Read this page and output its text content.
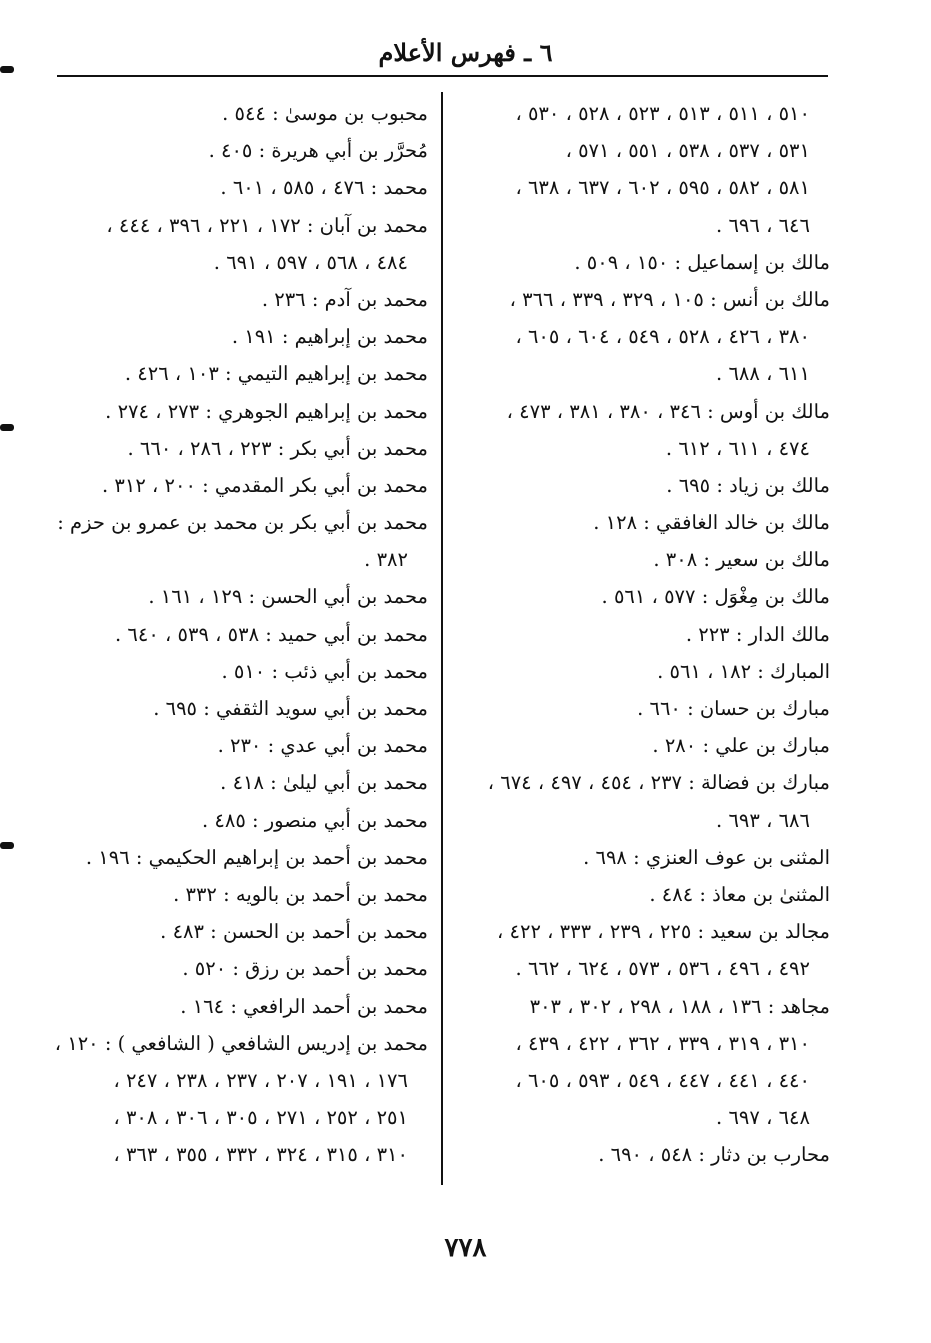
٦ ـ فهرس الأعلام
٥١٠ ، ٥١١ ، ٥١٣ ، ٥٢٣ ، ٥٢٨ ، ٥٣٠ ،
٥٣١ ، ٥٣٧ ، ٥٣٨ ، ٥٥١ ، ٥٧١ ،
٥٨١ ، ٥٨٢ ، ٥٩٥ ، ٦٠٢ ، ٦٣٧ ، ٦٣٨ ،
٦٤٦ ، ٦٩٦ .
مالك بن إسماعيل : ١٥٠ ، ٥٠٩ .
مالك بن أنس : ١٠٥ ، ٣٢٩ ، ٣٣٩ ، ٣٦٦ ،
٣٨٠ ، ٤٢٦ ، ٥٢٨ ، ٥٤٩ ، ٦٠٤ ، ٦٠٥ ،
٦١١ ، ٦٨٨ .
مالك بن أوس : ٣٤٦ ، ٣٨٠ ، ٣٨١ ، ٤٧٣ ،
٤٧٤ ، ٦١١ ، ٦١٢ .
مالك بن زياد : ٦٩٥ .
مالك بن خالد الغافقي : ١٢٨ .
مالك بن سعير : ٣٠٨ .
مالك بن مِغْوَل : ٥٧٧ ، ٥٦١ .
مالك الدار : ٢٢٣ .
المبارك : ١٨٢ ، ٥٦١ .
مبارك بن حسان : ٦٦٠ .
مبارك بن علي : ٢٨٠ .
مبارك بن فضالة : ٢٣٧ ، ٤٥٤ ، ٤٩٧ ، ٦٧٤ ،
٦٨٦ ، ٦٩٣ .
المثنى بن عوف العنزي : ٦٩٨ .
المثنىٰ بن معاذ : ٤٨٤ .
مجالد بن سعيد : ٢٢٥ ، ٢٣٩ ، ٣٣٣ ، ٤٢٢ ،
٤٩٢ ، ٤٩٦ ، ٥٣٦ ، ٥٧٣ ، ٦٢٤ ، ٦٦٢ .
مجاهد : ١٣٦ ، ١٨٨ ، ٢٩٨ ، ٣٠٢ ، ٣٠٣
٣١٠ ، ٣١٩ ، ٣٣٩ ، ٣٦٢ ، ٤٢٢ ، ٤٣٩ ،
٤٤٠ ، ٤٤١ ، ٤٤٧ ، ٥٤٩ ، ٥٩٣ ، ٦٠٥ ،
٦٤٨ ، ٦٩٧ .
محارب بن دثار : ٥٤٨ ، ٦٩٠ .
محبوب بن موسىٰ : ٥٤٤ .
مُحرَّر بن أبي هريرة : ٤٠٥ .
محمد : ٤٧٦ ، ٥٨٥ ، ٦٠١ .
محمد بن آبان : ١٧٢ ، ٢٢١ ، ٣٩٦ ، ٤٤٤ ،
٤٨٤ ، ٥٦٨ ، ٥٩٧ ، ٦٩١ .
محمد بن آدم : ٢٣٦ .
محمد بن إبراهيم : ١٩١ .
محمد بن إبراهيم التيمي : ١٠٣ ، ٤٢٦ .
محمد بن إبراهيم الجوهري : ٢٧٣ ، ٢٧٤ .
محمد بن أبي بكر : ٢٢٣ ، ٢٨٦ ، ٦٦٠ .
محمد بن أبي بكر المقدمي : ٢٠٠ ، ٣١٢ .
محمد بن أبي بكر بن محمد بن عمرو بن حزم :
٣٨٢ .
محمد بن أبي الحسن : ١٢٩ ، ١٦١ .
محمد بن أبي حميد : ٥٣٨ ، ٥٣٩ ، ٦٤٠ .
محمد بن أبي ذئب : ٥١٠ .
محمد بن أبي سويد الثقفي : ٦٩٥ .
محمد بن أبي عدي : ٢٣٠ .
محمد بن أبي ليلىٰ : ٤١٨ .
محمد بن أبي منصور : ٤٨٥ .
محمد بن أحمد بن إبراهيم الحكيمي : ١٩٦ .
محمد بن أحمد بن بالويه : ٣٣٢ .
محمد بن أحمد بن الحسن : ٤٨٣ .
محمد بن أحمد بن رزق : ٥٢٠ .
محمد بن أحمد الرافعي : ١٦٤ .
محمد بن إدريس الشافعي ( الشافعي ) : ١٢٠ ،
١٧٦ ، ١٩١ ، ٢٠٧ ، ٢٣٧ ، ٢٣٨ ، ٢٤٧ ،
٢٥١ ، ٢٥٢ ، ٢٧١ ، ٣٠٥ ، ٣٠٦ ، ٣٠٨ ،
٣١٠ ، ٣١٥ ، ٣٢٤ ، ٣٣٢ ، ٣٥٥ ، ٣٦٣ ،
٧٧٨
